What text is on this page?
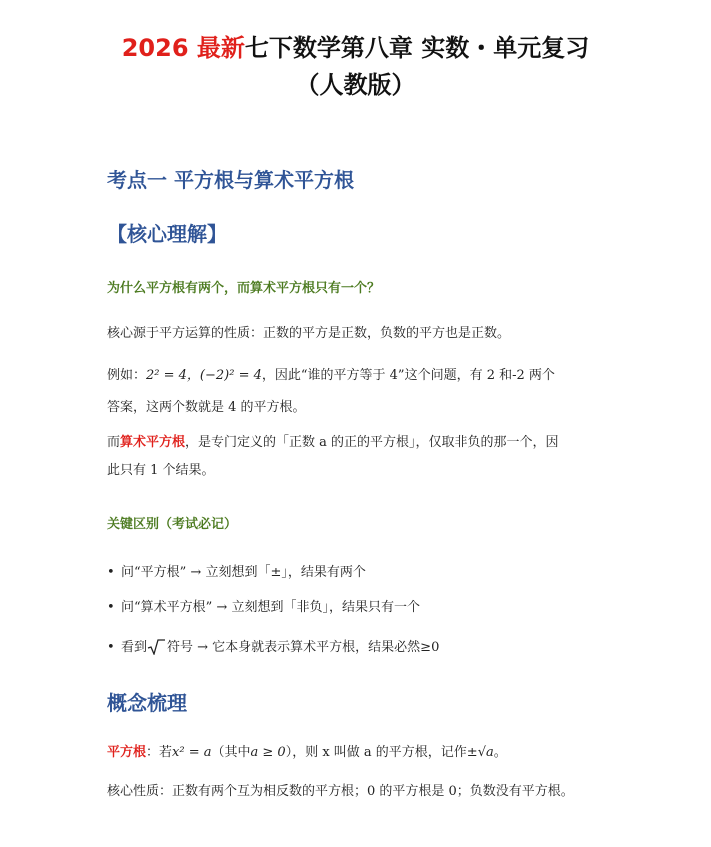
2026 最新七下数学第八章 实数・单元复习
（人教版）
考点一 平方根与算术平方根
【核心理解】
为什么平方根有两个，而算术平方根只有一个？
核心源于平方运算的性质：正数的平方是正数，负数的平方也是正数。
例如：2² = 4，(−2)² = 4，因此“谁的平方等于 4”这个问题，有 2 和-2 两个
答案，这两个数就是 4 的平方根。
而算术平方根，是专门定义的「正数 a 的正的平方根」，仅取非负的那一个，因
此只有 1 个结果。
关键区别（考试必记）
• 问“平方根” → 立刻想到「±」，结果有两个
• 问“算术平方根” → 立刻想到「非负」，结果只有一个
• 看到 符号 → 它本身就表示算术平方根，结果必然≥0
概念梳理
平方根：若x² = a（其中a ≥ 0），则 x 叫做 a 的平方根，记作±√a。
核心性质：正数有两个互为相反数的平方根；0 的平方根是 0；负数没有平方根。
